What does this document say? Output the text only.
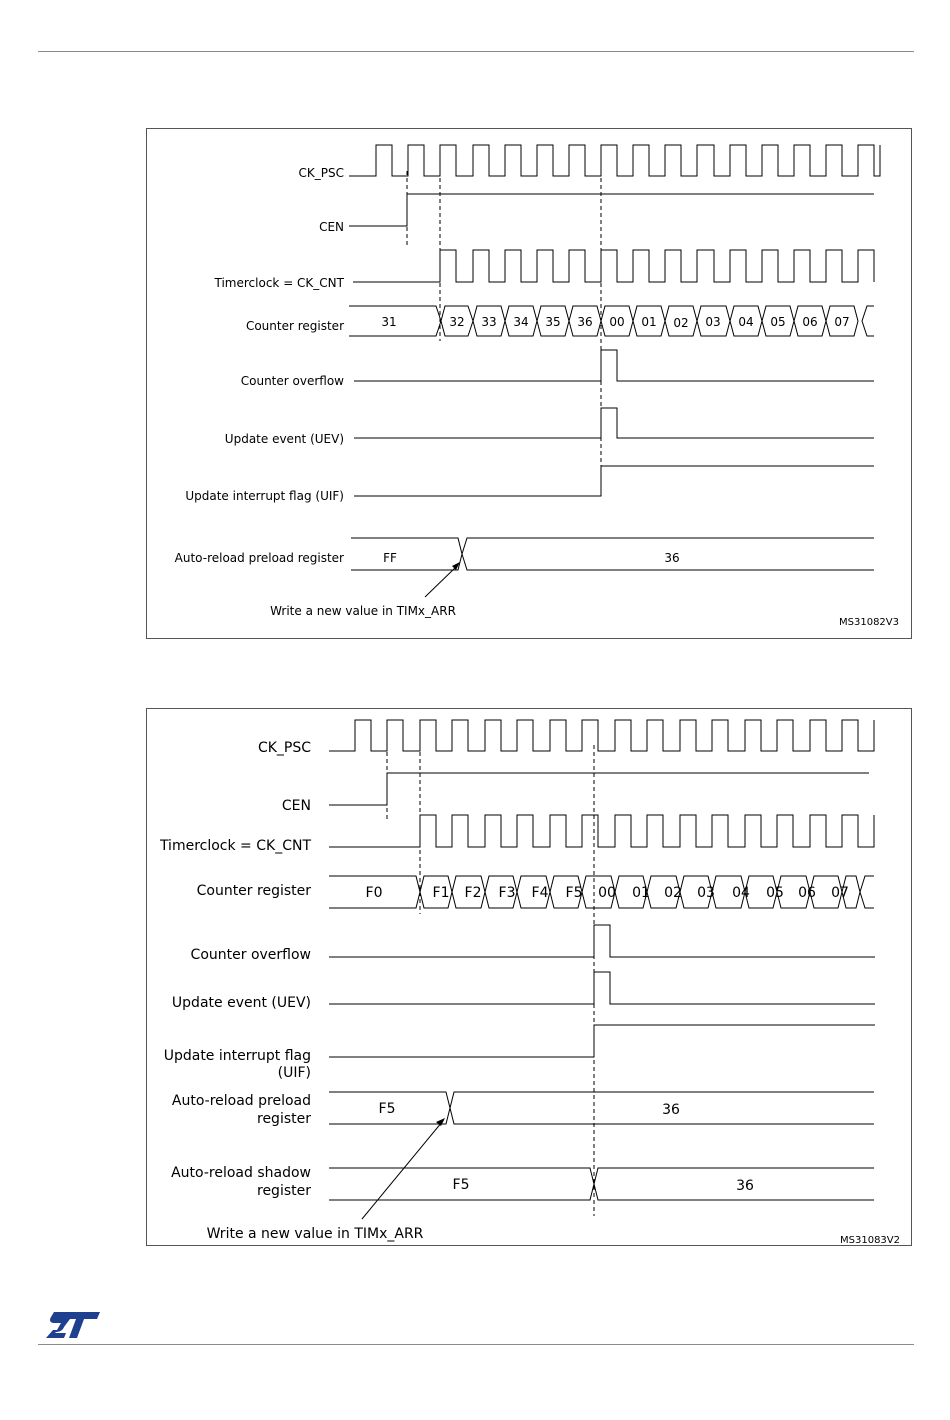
CK_PSC
CEN
Timerclock = CK_CNT
Counter register
Counter overflow
Update event (UEV)
Update interrupt flag (UIF)
Auto-reload preload register
31	32 33 34 35 36 00 01 02 03 04 05 06 07
FF	36
Write a new value in TIMx_ARR
MS31082V3
CK_PSC
CEN
Timerclock = CK_CNT
Counter register
Counter overflow
Update event (UEV)
Update interrupt flag
(UIF)
Auto-reload preload
register
Auto-reload shadow
register
F0	F1 F2 F3 F4 F5 00 01 02 03 04 05 06 07
F5	36
F5	36
Write a new value in TIMx_ARR	MS31083V2
